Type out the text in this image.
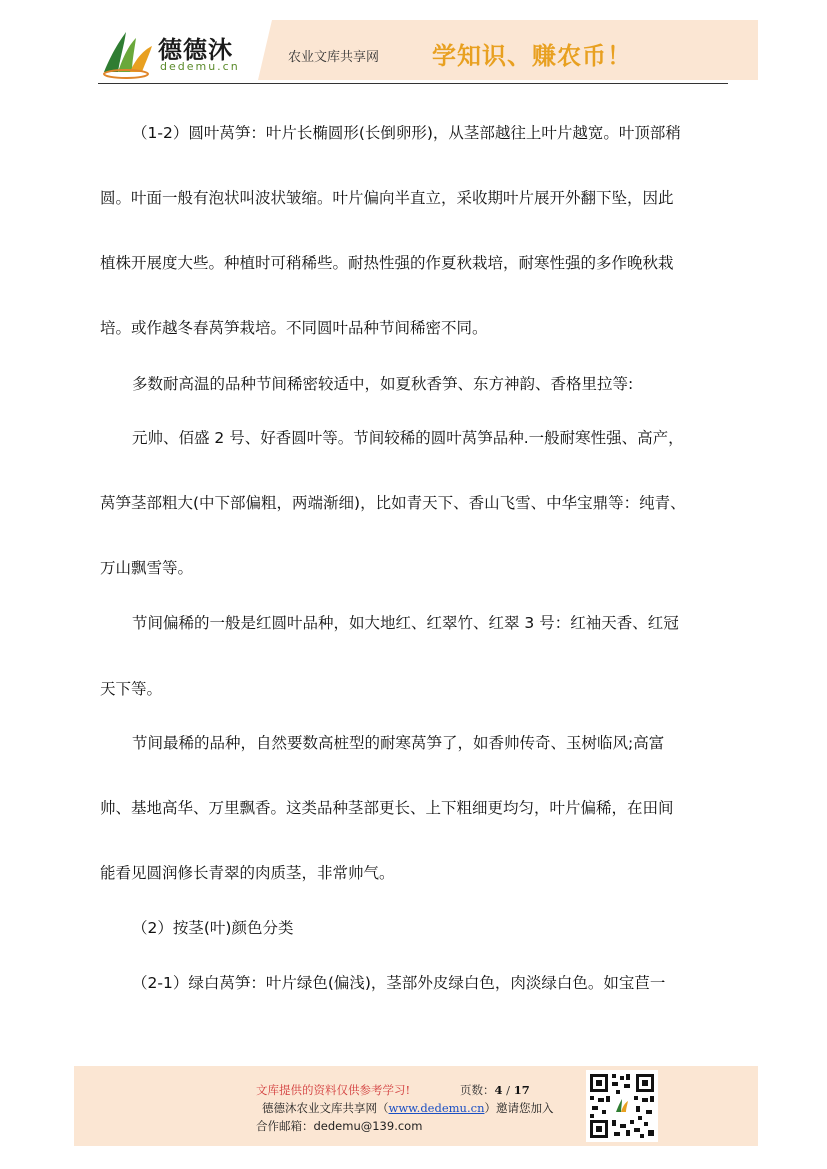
德德沐
dedemu.cn
农业文库共享网 学知识、赚农币！
（1-2）圆叶莴笋：叶片长椭圆形(长倒卵形)，从茎部越往上叶片越宽。叶顶部稍
圆。叶面一般有泡状叫波状皱缩。叶片偏向半直立，采收期叶片展开外翻下坠，因此
植株开展度大些。种植时可稍稀些。耐热性强的作夏秋栽培，耐寒性强的多作晚秋栽
培。或作越冬春莴笋栽培。不同圆叶品种节间稀密不同。
多数耐高温的品种节间稀密较适中，如夏秋香笋、东方神韵、香格里拉等:
元帅、佰盛 2 号、好香圆叶等。节间较稀的圆叶莴笋品种.一般耐寒性强、高产，
莴笋茎部粗大(中下部偏粗，两端渐细)，比如青天下、香山飞雪、中华宝鼎等：纯青、
万山飘雪等。
节间偏稀的一般是红圆叶品种，如大地红、红翠竹、红翠 3 号：红袖天香、红冠
天下等。
节间最稀的品种，自然要数高桩型的耐寒莴笋了，如香帅传奇、玉树临风;高富
帅、基地高华、万里飘香。这类品种茎部更长、上下粗细更均匀，叶片偏稀，在田间
能看见圆润修长青翠的肉质茎，非常帅气。
（2）按茎(叶)颜色分类
（2-1）绿白莴笋：叶片绿色(偏浅)，茎部外皮绿白色，肉淡绿白色。如宝苣一
文库提供的资料仅供参考学习!	页数：4 / 17
德德沐农业文库共享网（www.dedemu.cn）邀请您加入
合作邮箱：dedemu@139.com
